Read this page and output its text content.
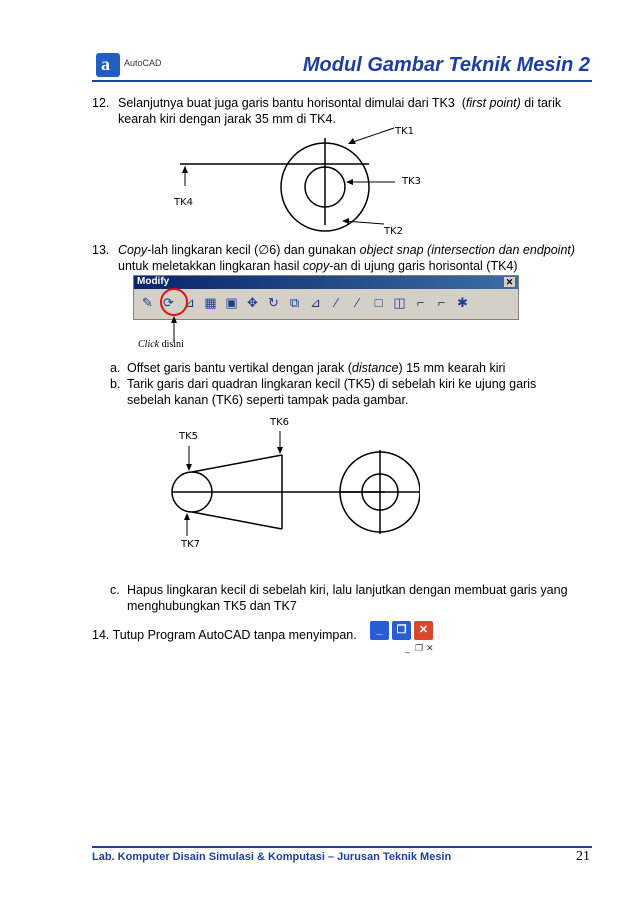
a AutoCAD	Modul Gambar Teknik Mesin 2
12. Selanjutnya buat juga garis bantu horisontal dimulai dari TK3  (first point) di tarik
kearah kiri dengan jarak 35 mm di TK4.
TK1
TK3
TK4
TK2
13. Copy-lah lingkaran kecil (∅6) dan gunakan object snap (intersection dan endpoint)
untuk meletakkan lingkaran hasil copy-an di ujung garis horisontal (TK4)
Modify	✕
✎ ⟳ ⊿ ▦ ▣ ✥ ↻ ⧉ ⊿	⁄	⁄	□ ◫ ⌐	⌐ ✱
Click disini
a. Offset garis bantu vertikal dengan jarak (distance) 15 mm kearah kiri
b. Tarik garis dari quadran lingkaran kecil (TK5) di sebelah kiri ke ujung garis
sebelah kanan (TK6) seperti tampak pada gambar.
TK6
TK5
TK7
c. Hapus lingkaran kecil di sebelah kiri, lalu lanjutkan dengan membuat garis yang
menghubungkan TK5 dan TK7
14. Tutup Program AutoCAD tanpa menyimpan.	_	❐	✕
_ ❐ ✕
Lab. Komputer Disain Simulasi & Komputasi – Jurusan Teknik Mesin	21
